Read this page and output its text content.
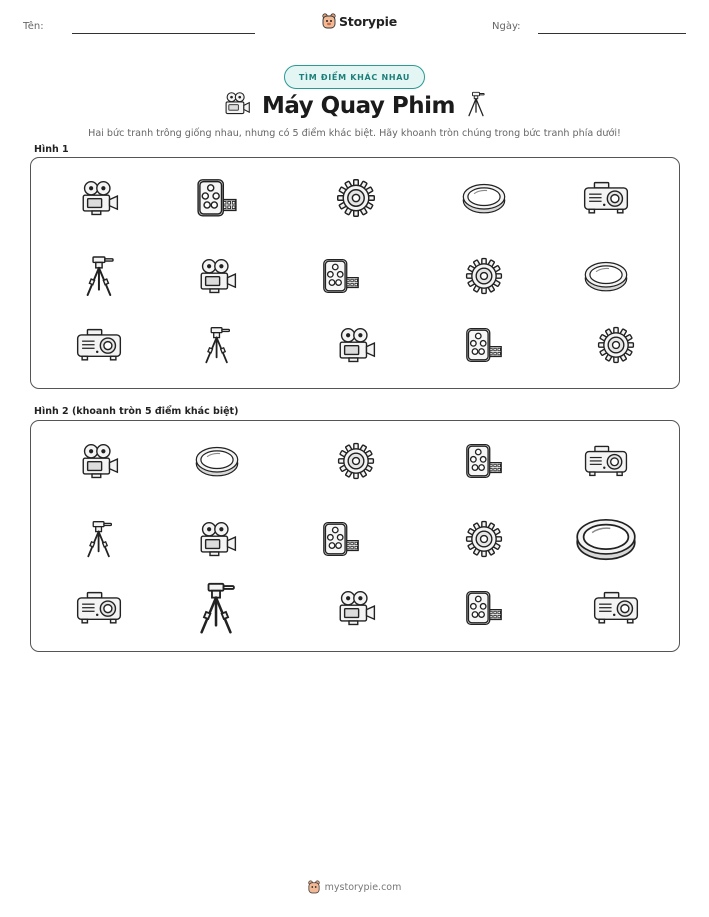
Tên:	Storypie	Ngày:
TÌM ĐIỂM KHÁC NHAU
Máy Quay Phim
Hai bức tranh trông giống nhau, nhưng có 5 điểm khác biệt. Hãy khoanh tròn chúng trong bức tranh phía dưới!
Hình 1
Hình 2 (khoanh tròn 5 điểm khác biệt)
mystorypie.com
